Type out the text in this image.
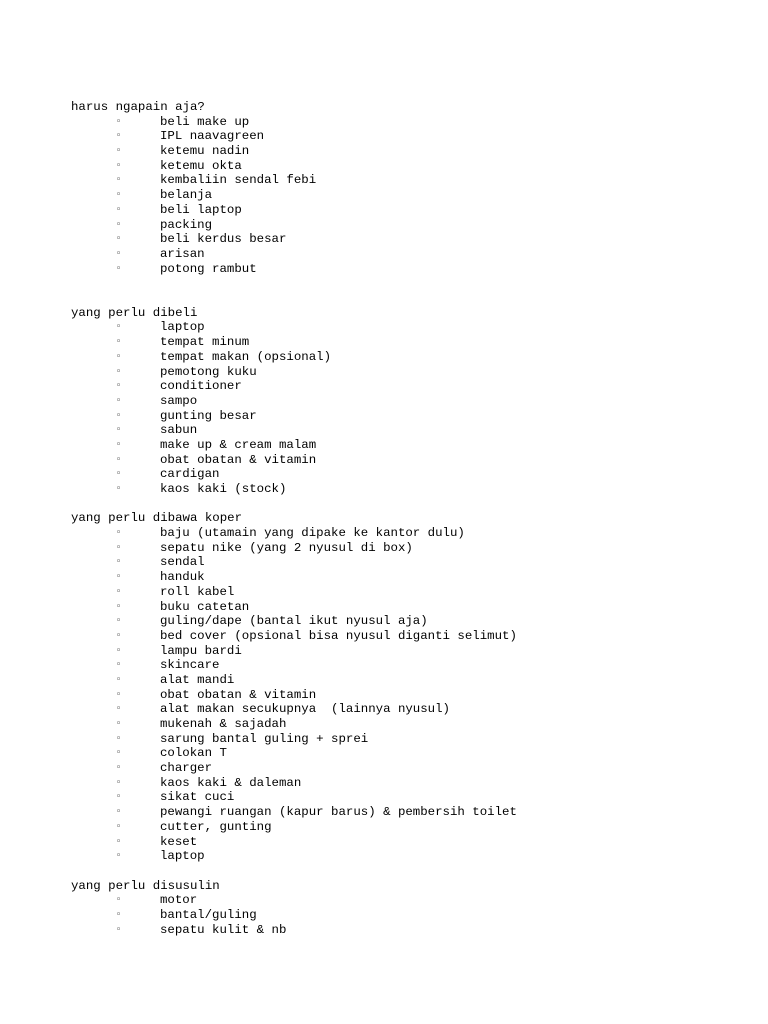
harus ngapain aja?
◦	beli make up
◦	IPL naavagreen
◦	ketemu nadin
◦	ketemu okta
◦	kembaliin sendal febi
◦	belanja
◦	beli laptop
◦	packing
◦	beli kerdus besar
◦	arisan
◦	potong rambut
yang perlu dibeli
◦	laptop
◦	tempat minum
◦	tempat makan (opsional)
◦	pemotong kuku
◦	conditioner
◦	sampo
◦	gunting besar
◦	sabun
◦	make up & cream malam
◦	obat obatan & vitamin
◦	cardigan
◦	kaos kaki (stock)
yang perlu dibawa koper
◦	baju (utamain yang dipake ke kantor dulu)
◦	sepatu nike (yang 2 nyusul di box)
◦	sendal
◦	handuk
◦	roll kabel
◦	buku catetan
◦	guling/dape (bantal ikut nyusul aja)
◦	bed cover (opsional bisa nyusul diganti selimut)
◦	lampu bardi
◦	skincare
◦	alat mandi
◦	obat obatan & vitamin
◦	alat makan secukupnya  (lainnya nyusul)
◦	mukenah & sajadah
◦	sarung bantal guling + sprei
◦	colokan T
◦	charger
◦	kaos kaki & daleman
◦	sikat cuci
◦	pewangi ruangan (kapur barus) & pembersih toilet
◦	cutter, gunting
◦	keset
◦	laptop
yang perlu disusulin
◦	motor
◦	bantal/guling
◦	sepatu kulit & nb
